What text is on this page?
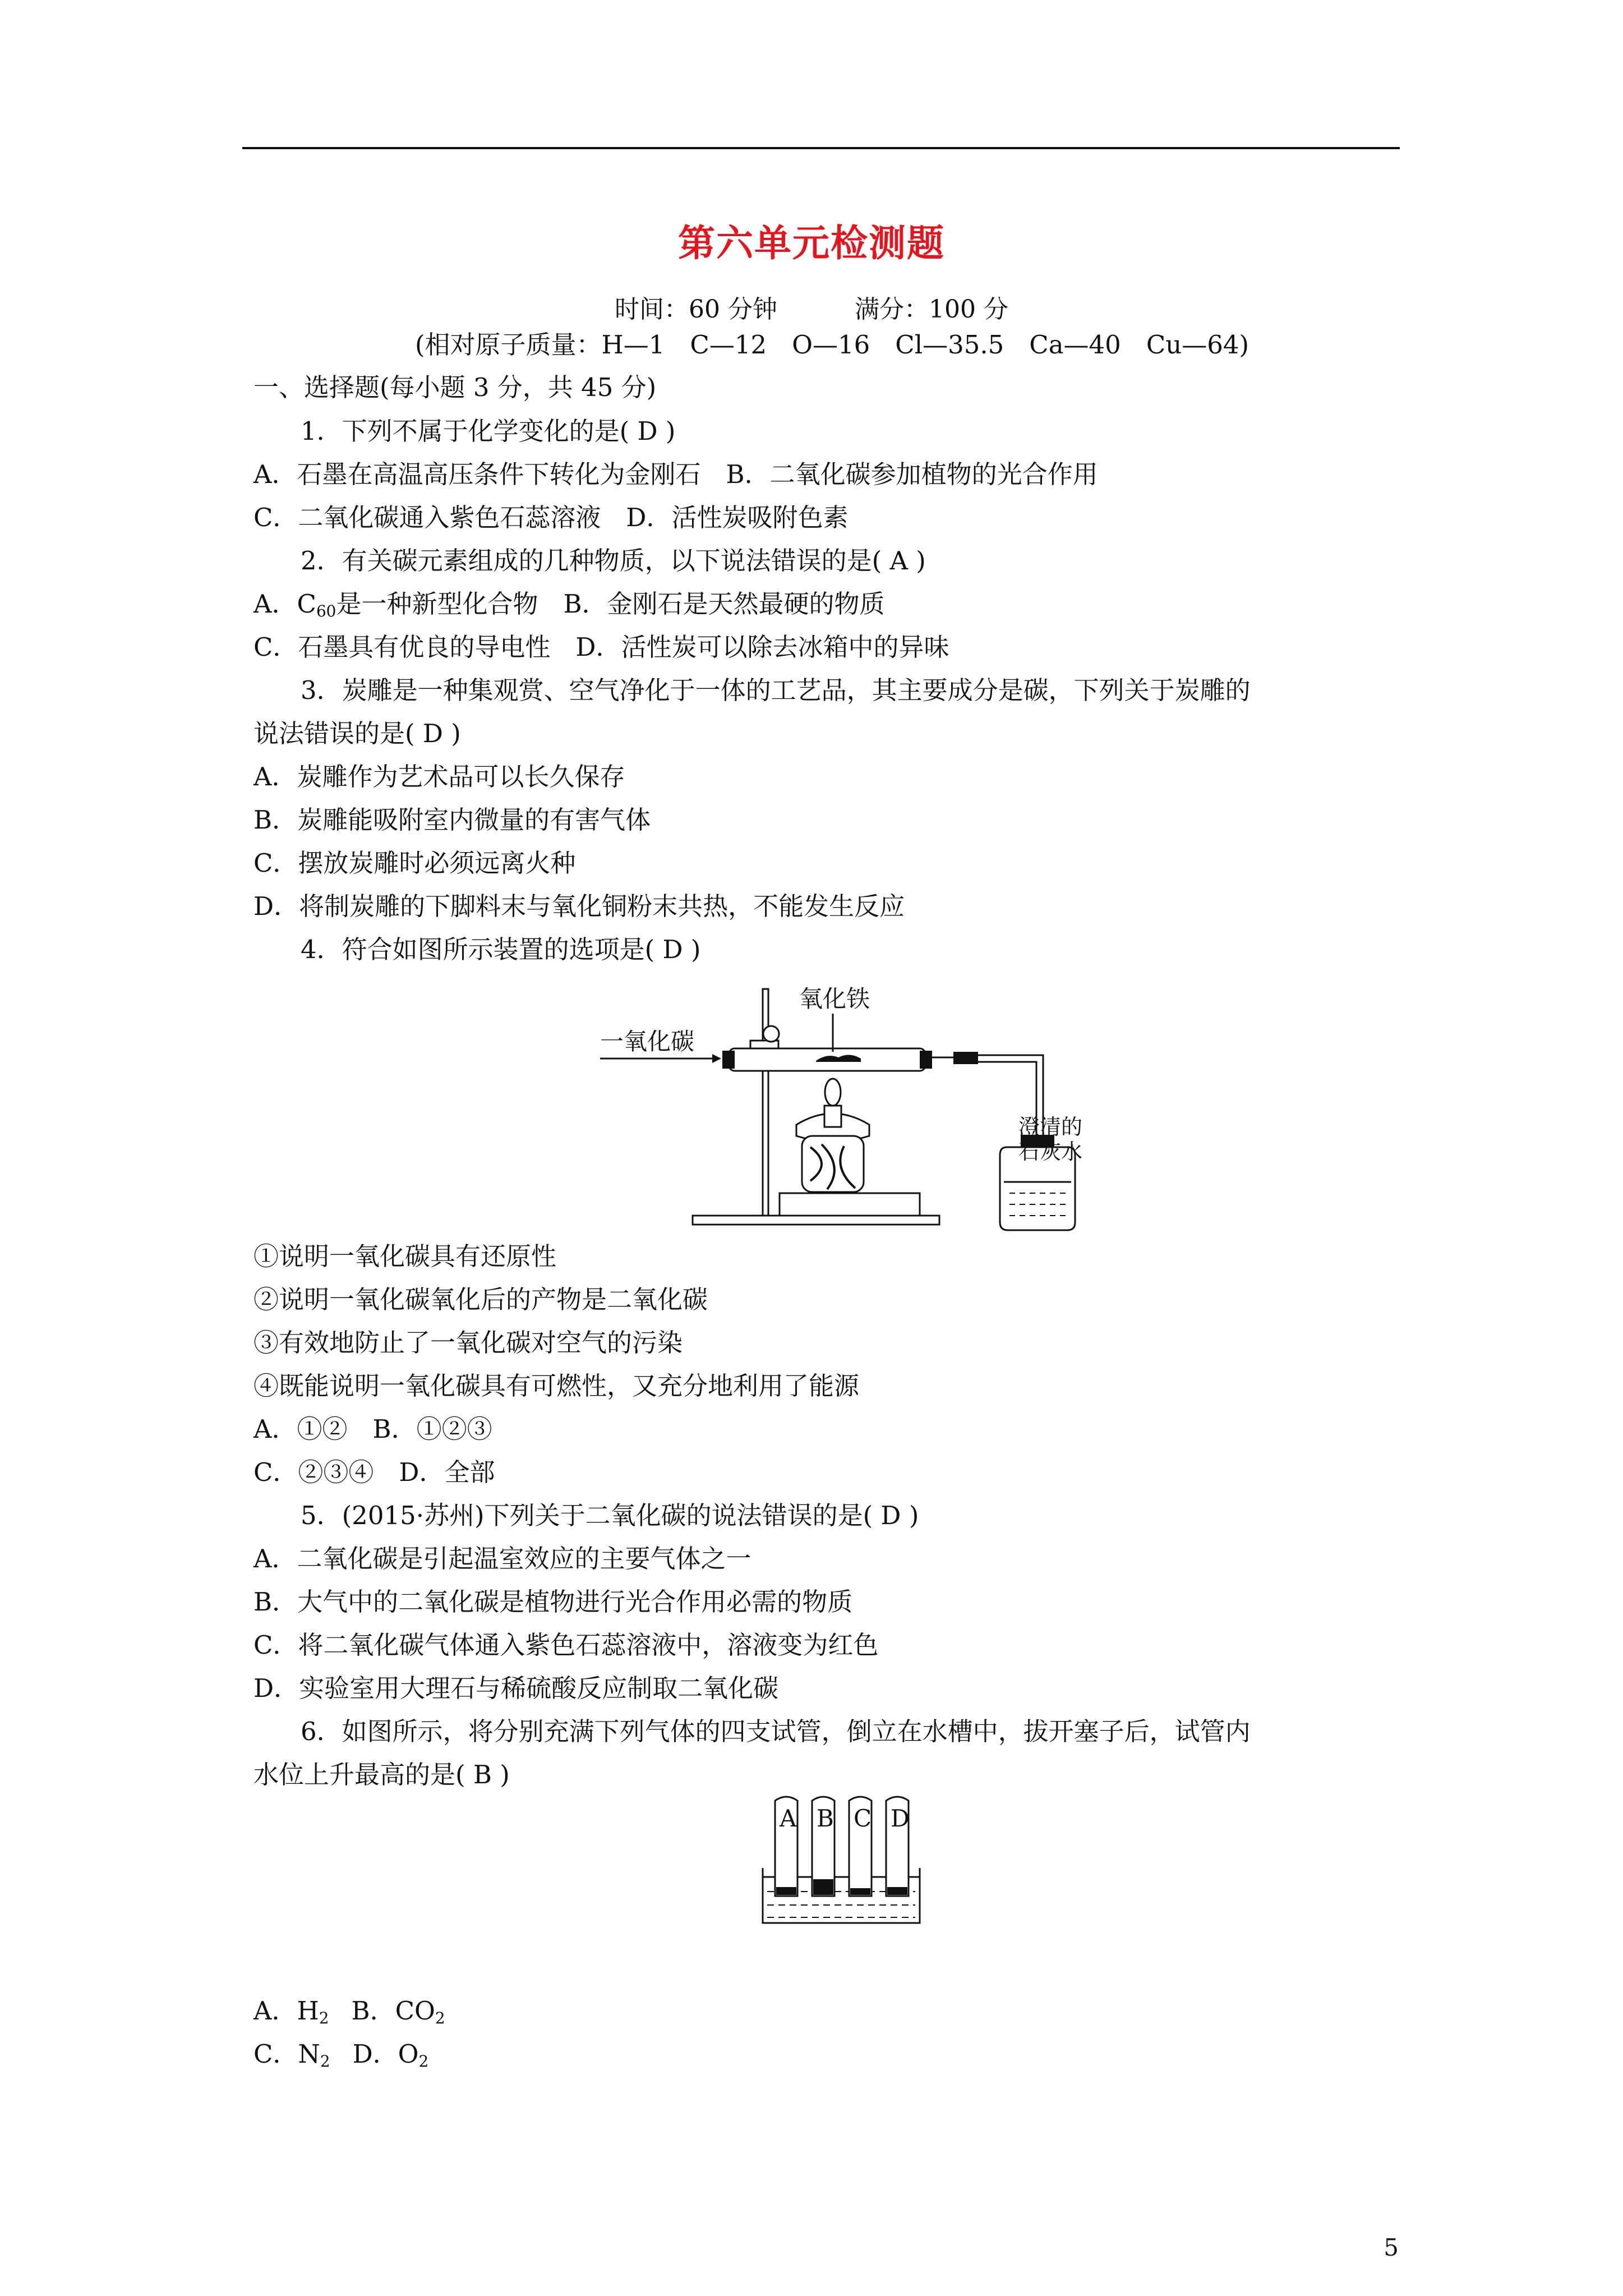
第六单元检测题
时间：60 分钟	满分：100 分
(相对原子质量：H—1　C—12　O—16　Cl—35.5　Ca—40　Cu—64)
一、选择题(每小题 3 分，共 45 分)
1．下列不属于化学变化的是( D )
A．石墨在高温高压条件下转化为金刚石　B．二氧化碳参加植物的光合作用
C．二氧化碳通入紫色石蕊溶液　D．活性炭吸附色素
2．有关碳元素组成的几种物质，以下说法错误的是( A )
A．$C_{60}$是一种新型化合物　B．金刚石是天然最硬的物质
C．石墨具有优良的导电性　D．活性炭可以除去冰箱中的异味
3．炭雕是一种集观赏、空气净化于一体的工艺品，其主要成分是碳，下列关于炭雕的
说法错误的是( D )
A．炭雕作为艺术品可以长久保存
B．炭雕能吸附室内微量的有害气体
C．摆放炭雕时必须远离火种
D．将制炭雕的下脚料末与氧化铜粉末共热，不能发生反应
4．符合如图所示装置的选项是( D )
一氧化碳
氧化铁
澄清的
石灰水
①说明一氧化碳具有还原性
②说明一氧化碳氧化后的产物是二氧化碳
③有效地防止了一氧化碳对空气的污染
④既能说明一氧化碳具有可燃性，又充分地利用了能源
A．①②　B．①②③
C．②③④　D．全部
5．(2015·苏州)下列关于二氧化碳的说法错误的是( D )
A．二氧化碳是引起温室效应的主要气体之一
B．大气中的二氧化碳是植物进行光合作用必需的物质
C．将二氧化碳气体通入紫色石蕊溶液中，溶液变为红色
D．实验室用大理石与稀硫酸反应制取二氧化碳
6．如图所示，将分别充满下列气体的四支试管，倒立在水槽中，拔开塞子后，试管内
水位上升最高的是( B )
A B C D
A．$H_2$ B．$CO_2$
C．$N_2$ D．$O_2$
5
